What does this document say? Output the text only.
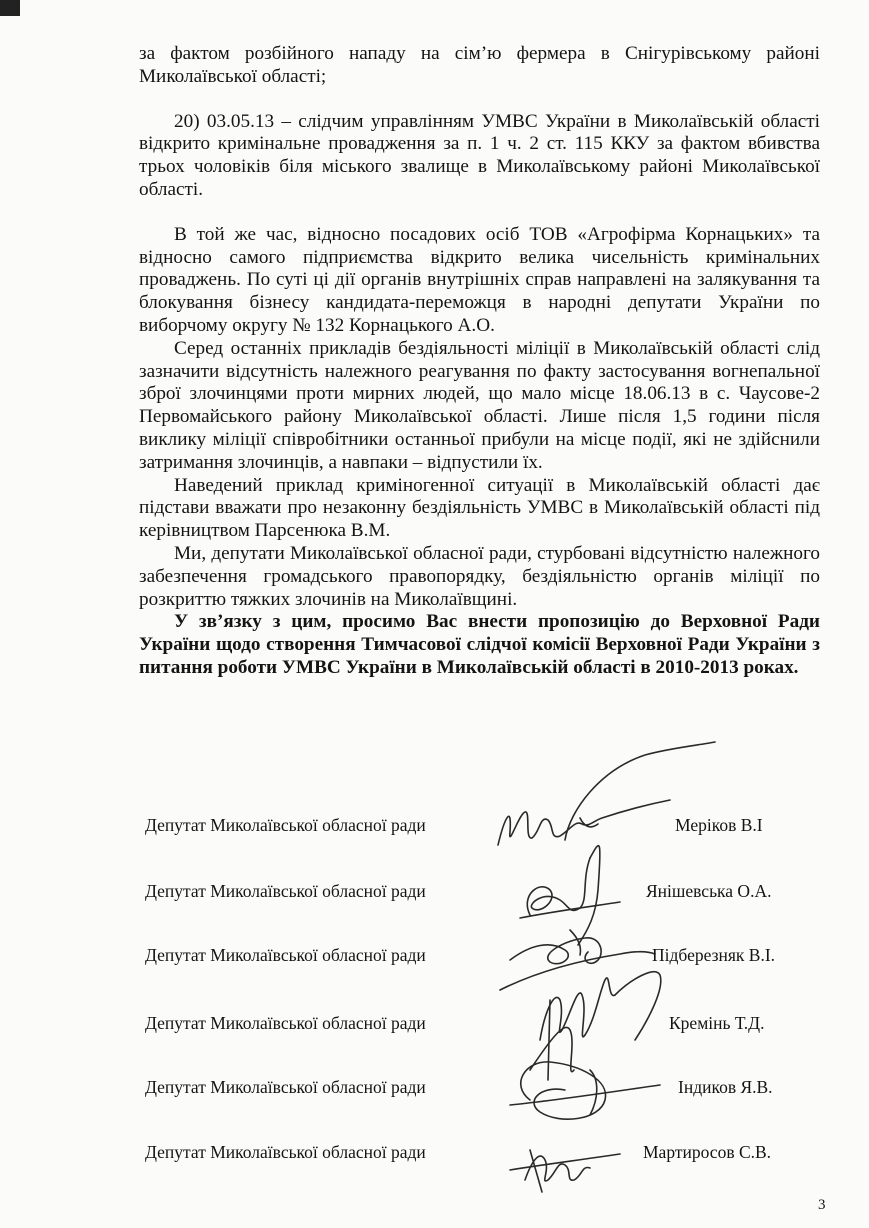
за фактом розбійного нападу на сім’ю фермера в Снігурівському районі Миколаївської області;

20) 03.05.13 – слідчим управлінням УМВС України в Миколаївській області відкрито кримінальне провадження за п. 1 ч. 2 ст. 115 ККУ за фактом вбивства трьох чоловіків біля міського звалище в Миколаївському районі Миколаївської області.

В той же час, відносно посадових осіб ТОВ «Агрофірма Корнацьких» та відносно самого підприємства відкрито велика чисельність кримінальних проваджень. По суті ці дії органів внутрішніх справ направлені на залякування та блокування бізнесу кандидата-переможця в народні депутати України по виборчому округу № 132 Корнацького А.О.

Серед останніх прикладів бездіяльності міліції в Миколаївській області слід зазначити відсутність належного реагування по факту застосування вогнепальної зброї злочинцями проти мирних людей, що мало місце 18.06.13 в с. Чаусове-2 Первомайського району Миколаївської області. Лише після 1,5 години після виклику міліції співробітники останньої прибули на місце події, які не здійснили затримання злочинців, а навпаки – відпустили їх.

Наведений приклад криміногенної ситуації в Миколаївській області дає підстави вважати про незаконну бездіяльність УМВС в Миколаївській області під керівництвом Парсенюка В.М.

Ми, депутати Миколаївської обласної ради, стурбовані відсутністю належного забезпечення громадського правопорядку, бездіяльністю органів міліції по розкриттю тяжких злочинів на Миколаївщині.

У зв’язку з цим, просимо Вас внести пропозицію до Верховної Ради України щодо створення Тимчасової слідчої комісії Верховної Ради України з питання роботи УМВС України в Миколаївській області в 2010-2013 роках.

Депутат Миколаївської обласної ради	Меріков В.І
Депутат Миколаївської обласної ради	Янішевська О.А.
Депутат Миколаївської обласної ради	Підберезняк В.І.
Депутат Миколаївської обласної ради	Кремінь Т.Д.
Депутат Миколаївської обласної ради	Індиков Я.В.
Депутат Миколаївської обласної ради	Мартиросов С.В.
3
